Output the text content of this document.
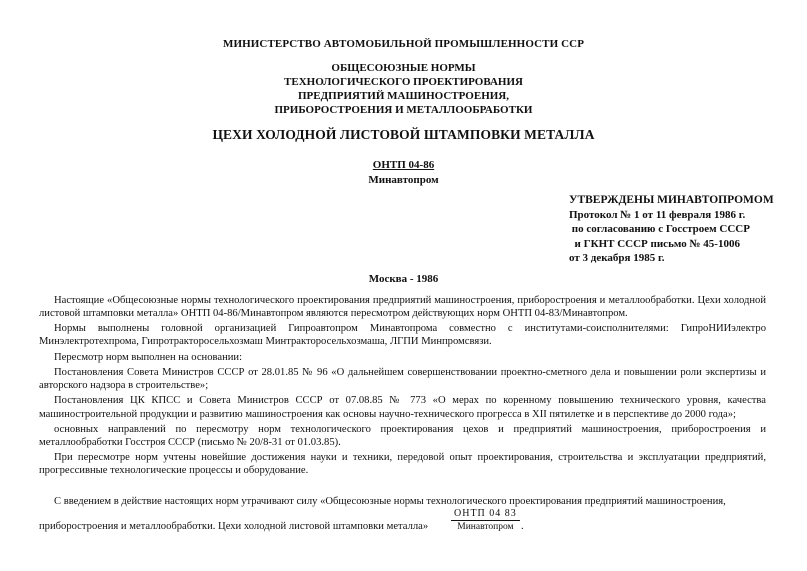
МИНИСТЕРСТВО АВТОМОБИЛЬНОЙ ПРОМЫШЛЕННОСТИ ССР
ОБЩЕСОЮЗНЫЕ НОРМЫ
ТЕХНОЛОГИЧЕСКОГО ПРОЕКТИРОВАНИЯ
ПРЕДПРИЯТИЙ МАШИНОСТРОЕНИЯ,
ПРИБОРОСТРОЕНИЯ И МЕТАЛЛООБРАБОТКИ
ЦЕХИ ХОЛОДНОЙ ЛИСТОВОЙ ШТАМПОВКИ МЕТАЛЛА
ОНТП 04-86
Минавтопром
УТВЕРЖДЕНЫ МИНАВТОПРОМОМ
Протокол № 1 от 11 февраля 1986 г.
по согласованию с Госстроем СССР
и ГКНТ СССР письмо № 45-1006
от 3 декабря 1985 г.
Москва - 1986

Настоящие «Общесоюзные нормы технологического проектирования предприятий машиностроения, приборостроения и металлообработки. Цехи холодной листовой штамповки металла» ОНТП 04-86/Минавтопром являются пересмотром действующих норм ОНТП 04-83/Минавтопром.

Нормы выполнены головной организацией Гипроавтопром Минавтопрома совместно с институтами-соисполнителями: ГипроНИИэлектро Минэлектротехпрома, Гипротракторосельхозмаш Минтракторосельхозмаша, ЛГПИ Минпромсвязи.

Пересмотр норм выполнен на основании:

Постановления Совета Министров СССР от 28.01.85 № 96 «О дальнейшем совершенствовании проектно-сметного дела и повышении роли экспертизы и авторского надзора в строительстве»;

Постановления ЦК КПСС и Совета Министров СССР от 07.08.85 № 773 «О мерах по коренному повышению технического уровня, качества машиностроительной продукции и развитию машиностроения как основы научно-технического прогресса в XII пятилетке и в перспективе до 2000 года»;

основных направлений по пересмотру норм технологического проектирования цехов и предприятий машиностроения, приборостроения и металлообработки Госстроя СССР (письмо № 20/8-31 от 01.03.85).

При пересмотре норм учтены новейшие достижения науки и техники, передовой опыт проектирования, строительства и эксплуатации предприятий, прогрессивные технологические процессы и оборудование.

С введением в действие настоящих норм утрачивают силу «Общесоюзные нормы технологического проектирования предприятий машиностроения,
приборостроения и металлообработки. Цехи холодной листовой штамповки металла»
ОНТП 04 83
Минавтопром .
